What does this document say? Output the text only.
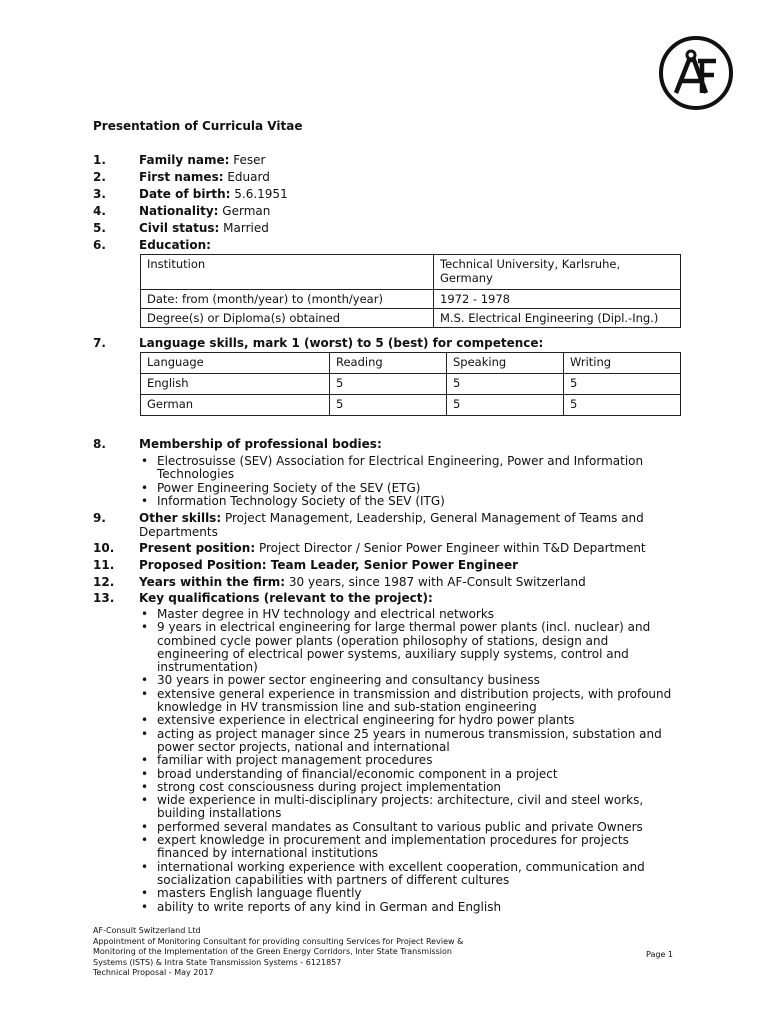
Presentation of Curricula Vitae
1.	Family name: Feser
2.	First names: Eduard
3.	Date of birth: 5.6.1951
4.	Nationality: German
5.	Civil status: Married
6.	Education:
Institution	Technical University, Karlsruhe, Germany
Date: from (month/year) to (month/year)	1972 - 1978
Degree(s) or Diploma(s) obtained	M.S. Electrical Engineering (Dipl.-Ing.)
7.	Language skills, mark 1 (worst) to 5 (best) for competence:
Language	Reading	Speaking	Writing
English	5	5	5
German	5	5	5
8.	Membership of professional bodies:
• Electrosuisse (SEV) Association for Electrical Engineering, Power and Information Technologies
• Power Engineering Society of the SEV (ETG)
• Information Technology Society of the SEV (ITG)
9.	Other skills: Project Management, Leadership, General Management of Teams and
Departments
10.	Present position: Project Director / Senior Power Engineer within T&D Department
11.	Proposed Position: Team Leader, Senior Power Engineer
12.	Years within the firm: 30 years, since 1987 with AF-Consult Switzerland
13.	Key qualifications (relevant to the project):
• Master degree in HV technology and electrical networks
• 9 years in electrical engineering for large thermal power plants (incl. nuclear) and combined cycle power plants (operation philosophy of stations, design and engineering of electrical power systems, auxiliary supply systems, control and instrumentation)
• 30 years in power sector engineering and consultancy business
• extensive general experience in transmission and distribution projects, with profound knowledge in HV transmission line and sub-station engineering
• extensive experience in electrical engineering for hydro power plants
• acting as project manager since 25 years in numerous transmission, substation and power sector projects, national and international
• familiar with project management procedures
• broad understanding of financial/economic component in a project
• strong cost consciousness during project implementation
• wide experience in multi-disciplinary projects: architecture, civil and steel works, building installations
• performed several mandates as Consultant to various public and private Owners
• expert knowledge in procurement and implementation procedures for projects financed by international institutions
• international working experience with excellent cooperation, communication and socialization capabilities with partners of different cultures
• masters English language fluently
• ability to write reports of any kind in German and English
AF-Consult Switzerland Ltd
Appointment of Monitoring Consultant for providing consulting Services for Project Review &
Monitoring of the Implementation of the Green Energy Corridors, Inter State Transmission
Systems (ISTS) & Intra State Transmission Systems - 6121857
Technical Proposal - May 2017
Page 1
